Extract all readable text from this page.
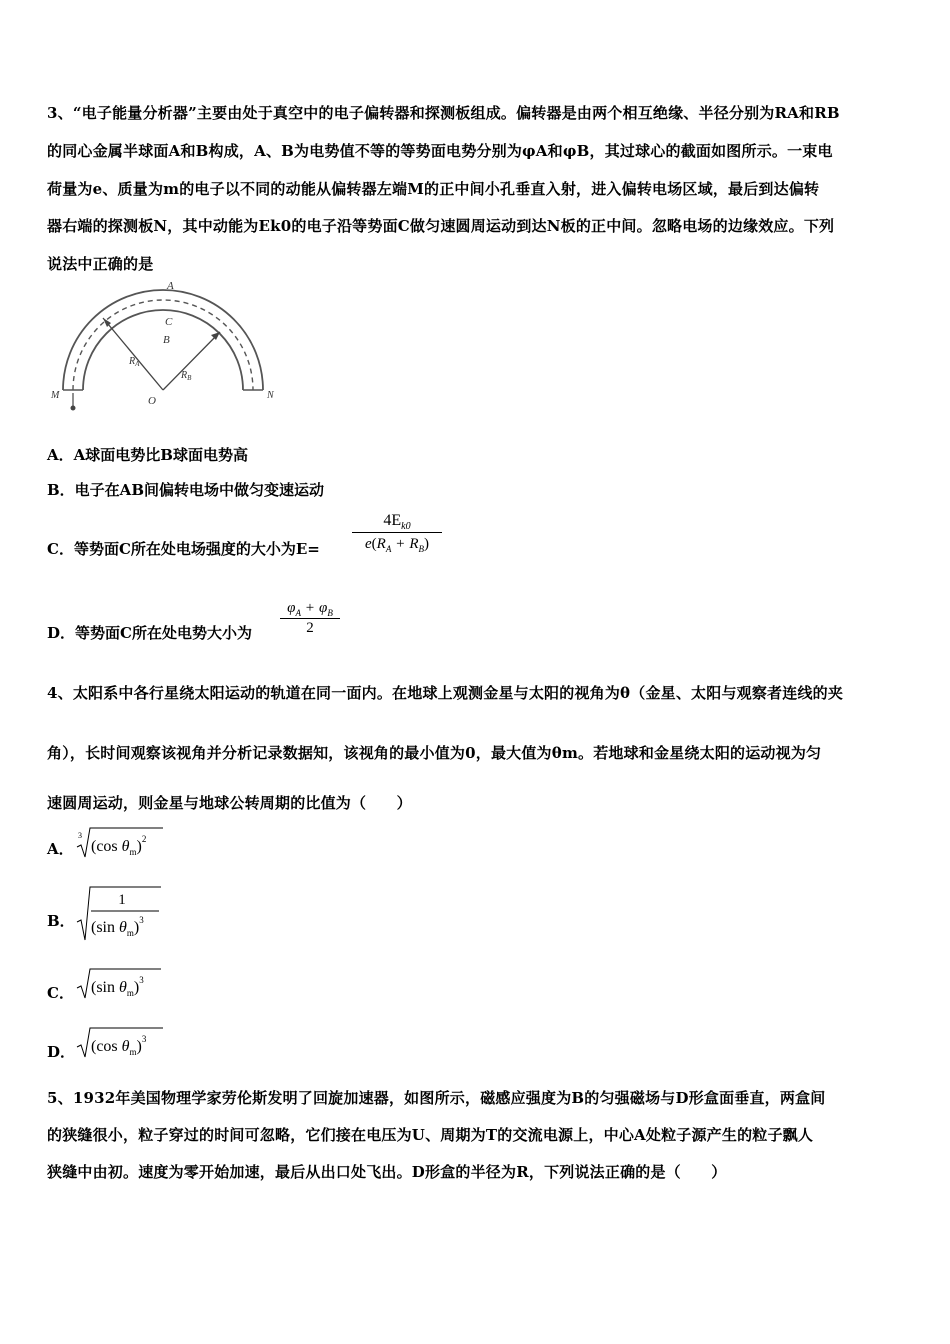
3、“电子能量分析器”主要由处于真空中的电子偏转器和探测板组成。偏转器是由两个相互绝缘、半径分别为RA和RB
的同心金属半球面A和B构成，A、B为电势值不等的等势面电势分别为φA和φB，其过球心的截面如图所示。一束电
荷量为e、质量为m的电子以不同的动能从偏转器左端M的正中间小孔垂直入射，进入偏转电场区域，最后到达偏转
器右端的探测板N，其中动能为Ek0的电子沿等势面C做匀速圆周运动到达N板的正中间。忽略电场的边缘效应。下列
说法中正确的是
A
C
B
$R_A$
$R_B$
O
M	N
A．A球面电势比B球面电势高
B．电子在AB间偏转电场中做匀变速运动
C．等势面C所在处电场强度的大小为E=
$4E_{k0}$
$e(R_A + R_B)$
D．等势面C所在处电势大小为
$\varphi_A + \varphi_B$
2
4、太阳系中各行星绕太阳运动的轨道在同一面内。在地球上观测金星与太阳的视角为θ（金星、太阳与观察者连线的夹
角），长时间观察该视角并分析记录数据知，该视角的最小值为0，最大值为θm。若地球和金星绕太阳的运动视为匀
速圆周运动，则金星与地球公转周期的比值为（　　）
A．
3
(cos $\theta_m)^2$
B．
1
(sin $\theta_m)^3$
C． (sin $\theta_m)^3$
D． (cos $\theta_m)^3$
5、1932年美国物理学家劳伦斯发明了回旋加速器，如图所示，磁感应强度为B的匀强磁场与D形盒面垂直，两盒间
的狭缝很小，粒子穿过的时间可忽略，它们接在电压为U、周期为T的交流电源上，中心A处粒子源产生的粒子飘人
狭缝中由初。速度为零开始加速，最后从出口处飞出。D形盒的半径为R，下列说法正确的是（　　）
